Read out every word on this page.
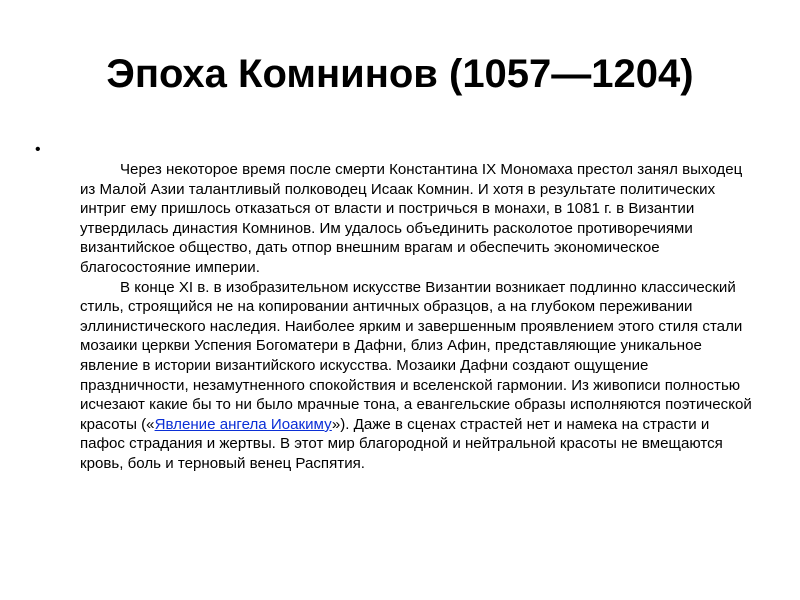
Эпоха Комнинов (1057—1204)
•

Через некоторое время после смерти Константина IX Мономаха престол занял выходец из Малой Азии талантливый полководец Исаак Комнин. И хотя в результате политических интриг ему пришлось отказаться от власти и постричься в монахи, в 1081 г. в Византии утвердилась династия Комнинов. Им удалось объединить расколотое противоречиями византийское общество, дать отпор внешним врагам и обеспечить экономическое благосостояние империи.

В конце XI в. в изобразительном искусстве Византии возникает подлинно классический стиль, строящийся не на копировании античных образцов, а на глубоком переживании эллинистического наследия. Наиболее ярким и завершенным проявлением этого стиля стали мозаики церкви Успения Богоматери в Дафни, близ Афин, представляющие уникальное явление в истории византийского искусства. Мозаики Дафни создают ощущение праздничности, незамутненного спокойствия и вселенской гармонии. Из живописи полностью исчезают какие бы то ни было мрачные тона, а евангельские образы исполняются поэтической красоты («Явление ангела Иоакиму»). Даже в сценах страстей нет и намека на страсти и пафос страдания и жертвы. В этот мир благородной и нейтральной красоты не вмещаются кровь, боль и терновый венец Распятия.
